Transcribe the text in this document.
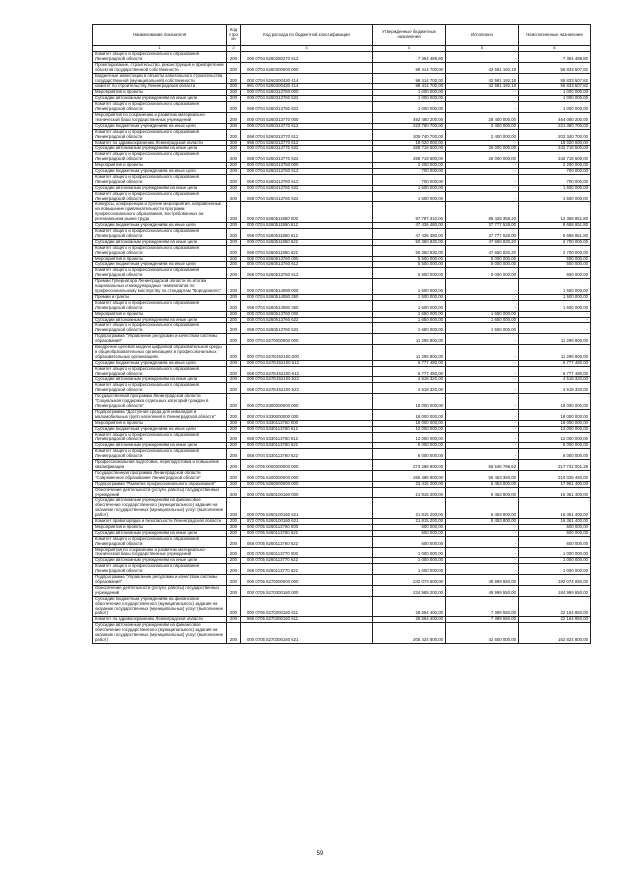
Наименование показателя	Код стро ки	Код расхода по бюджетной классификации	Утвержденные бюджетные назначения	Исполнено	Неисполненные назначения
1	2	3	4	5	6
Комитет общего и профессионального образования Ленинградской области	200	000 0704 5260280270 612	7 354 489,80	-	7 354 489,80
Проектирование, строительство, реконструкция и приобретение объектов государственной собственности	200	000 0704 5260300000 000	98 414 700,00	42 581 192,18	55 833 507,82
Бюджетные инвестиции в объекты капитального строительства государственной (муниципальной) собственности	200	000 0704 5260300430 414	98 414 700,00	42 581 192,18	55 833 507,82
комитет по строительству Ленинградской области	200	981 0704 5260300430 414	98 414 700,00	42 581 192,18	55 833 507,82
Мероприятия и проекты	200	000 0704 5260313760 000	1 000 000,00	-	1 000 000,00
Субсидии автономным учреждениям на иные цели	200	000 0704 5260313760 622	1 000 000,00	-	1 000 000,00
Комитет общего и профессионального образования Ленинградской области	200	068 0704 5260313760 622	1 000 000,00	-	1 000 000,00
Мероприятия по сохранению и развитию материально-технической базы государственных учреждений	200	000 0704 5260313770 000	492 480 200,00	28 400 000,00	464 080 200,00
Субсидии бюджетным учреждениям на иные цели	200	000 0704 5260313770 612	223 760 700,00	2 400 000,00	221 360 700,00
Комитет общего и профессионального образования Ленинградской области	200	068 0704 5260313770 612	205 740 700,00	2 400 000,00	203 340 700,00
Комитет по здравоохранению Ленинградской области	200	986 0704 5260313770 612	18 020 000,00	-	18 020 000,00
Субсидии автономным учреждениям на иные цели	200	000 0704 5260313770 622	268 719 500,00	26 000 000,00	242 719 500,00
Комитет общего и профессионального образования Ленинградской области	200	068 0704 5260313770 622	268 719 500,00	26 000 000,00	242 719 500,00
Мероприятия и проекты	200	000 0704 5260413760 000	2 200 000,00	-	2 200 000,00
Субсидии бюджетным учреждениям на иные цели	200	000 0704 5260413760 612	700 000,00	-	700 000,00
Комитет общего и профессионального образования Ленинградской области	200	068 0704 5260413760 612	700 000,00	-	700 000,00
Субсидии автономным учреждениям на иные цели	200	000 0704 5260413760 622	1 500 000,00	-	1 500 000,00
Комитет общего и профессионального образования Ленинградской области	200	068 0704 5260413760 622	1 500 000,00	-	1 500 000,00
Конкурсы, конференции и прочие мероприятия, направленные на повышение привлекательности программ профессионального образования, востребованных на региональном рынке труда	200	000 0704 5260511950 000	97 787 310,00	85 428 359,20	12 358 951,80
Субсидии бюджетным учреждениям на иные цели	200	000 0704 5260511950 612	47 436 480,00	37 777 528,00	9 658 951,80
Комитет общего и профессионального образования Ленинградской области	200	068 0704 5260511950 612	47 436 480,00	37 777 528,00	9 658 951,80
Субсидии автономным учреждениям на иные цели	200	000 0704 5260511950 622	50 350 830,00	47 650 830,20	2 700 000,00
Комитет общего и профессионального образования Ленинградской области	200	068 0704 5260511950 622	50 350 830,00	47 650 830,20	2 700 000,00
Мероприятия и проекты	200	000 0704 5260513760 000	5 500 000,00	5 000 000,00	500 000,00
Субсидии бюджетным учреждениям на иные цели	200	000 0704 5260513760 612	5 500 000,00	5 000 000,00	500 000,00
Комитет общего и профессионального образования Ленинградской области	200	068 0704 5260513760 612	5 500 000,00	5 000 000,00	500 000,00
Премии Губернатора Ленинградской области по итогам национальных и международных чемпионатов по профессиональному мастерству по стандартам "Ворлдскиллс"	200	000 0704 5260514080 000	1 500 000,00	-	1 500 000,00
Премии и гранты	200	000 0704 5260514080 350	1 500 000,00	-	1 500 000,00
Комитет общего и профессионального образования Ленинградской области	200	068 0704 5260514080 350	1 500 000,00	-	1 500 000,00
Мероприятия и проекты	200	000 0704 5260613760 000	1 650 000,00	1 650 000,00	-
Субсидии автономным учреждениям на иные цели	200	000 0704 5260613760 622	1 650 000,00	1 650 000,00	-
Комитет общего и профессионального образования Ленинградской области	200	068 0704 5260613760 622	1 650 000,00	1 650 000,00	-
Подпрограмма "Управление ресурсами и качеством системы образования"	200	000 0704 5270000000 000	11 295 800,00	-	11 295 800,00
Внедрение целевой модели цифровой образовательной среды в общеобразовательных организациях и профессиональных образовательных организациях	200	000 0704 527E452100 000	11 295 800,00	-	11 295 800,00
Субсидии бюджетным учреждениям на иные цели	200	000 0704 527E452100 612	6 777 480,00	-	6 777 480,00
Комитет общего и профессионального образования Ленинградской области	200	068 0704 527E452100 612	6 777 480,00	-	6 777 480,00
Субсидии автономным учреждениям на иные цели	200	000 0704 527E452100 622	4 518 320,00	-	4 518 320,00
Комитет общего и профессионального образования Ленинградской области	200	068 0704 527E452100 622	4 518 320,00	-	4 518 320,00
Государственная программа Ленинградской области "Социальная поддержка отдельных категорий граждан в Ленинградской области"	200	000 0704 5300000000 000	18 000 000,00	-	18 000 000,00
Подпрограмма "Доступная среда для инвалидов и маломобильных групп населения в Ленинградской области"	200	000 0704 5330000000 000	18 000 000,00	-	18 000 000,00
Мероприятия и проекты	200	000 0704 5330113760 000	18 000 000,00	-	18 000 000,00
Субсидии бюджетным учреждениям на иные цели	200	000 0704 5330113760 612	12 000 000,00	-	12 000 000,00
Комитет общего и профессионального образования Ленинградской области	200	068 0704 5330113760 612	12 000 000,00	-	12 000 000,00
Субсидии автономным учреждениям на иные цели	200	000 0704 5330113760 622	6 000 000,00	-	6 000 000,00
Комитет общего и профессионального образования Ленинградской области	200	068 0704 5330113760 622	6 000 000,00	-	6 000 000,00
Профессиональная подготовка, переподготовка и повышение квалификации	200	000 0705 0000000000 000	273 288 800,00	55 546 798,62	217 742 001,38
Государственная программа Ленинградской области "Современное образование Ленинградской области"	200	000 0705 5200000000 000	265 488 800,00	55 453 350,00	210 035 450,00
Подпрограмма "Развитие профессионального образования"	200	000 0705 5260000000 000	23 415 200,00	5 453 800,00	17 961 400,00
Обеспечение деятельности (услуги, работы) государственных учреждений	200	000 0705 5260100160 000	21 815 200,00	5 453 800,00	16 361 400,00
Субсидии автономным учреждениям на финансовое обеспечение государственного (муниципального) задания на оказание государственных (муниципальных) услуг (выполнение работ)	200	000 0705 5260100160 621	21 815 200,00	5 453 800,00	16 361 400,00
Комитет правопорядка и безопасности Ленинградской области	200	972 0705 5260100160 621	21 815 200,00	5 453 800,00	16 361 400,00
Мероприятия и проекты	200	000 0705 5260113760 000	600 000,00	-	600 000,00
Субсидии автономным учреждениям на иные цели	200	000 0705 5260113760 622	600 000,00	-	600 000,00
Комитет общего и профессионального образования Ленинградской области	200	068 0705 5260113760 622	600 000,00	-	600 000,00
Мероприятия по сохранению и развитию материально-технической базы государственных учреждений	200	000 0705 5260113770 000	1 000 000,00	-	1 000 000,00
Субсидии автономным учреждениям на иные цели	200	000 0705 5260113770 622	1 000 000,00	-	1 000 000,00
Комитет общего и профессионального образования Ленинградской области	200	068 0705 5260113770 622	1 000 000,00	-	1 000 000,00
Подпрограмма "Управление ресурсами и качеством системы образования"	200	000 0705 5270000000 000	242 073 600,00	49 999 550,00	192 074 050,00
Обеспечение деятельности (услуги, работы) государственных учреждений	200	000 0705 5270300160 000	234 989 200,00	49 999 550,00	184 989 650,00
Субсидии бюджетным учреждениям на финансовое обеспечение государственного (муниципального) задания на оказание государственных (муниципальных) услуг (выполнение работ)	200	000 0705 5270300160 611	29 564 400,00	7 399 550,00	22 164 850,00
Комитет по здравоохранению Ленинградской области	200	986 0705 5270300160 611	29 564 400,00	7 399 550,00	22 164 850,00
Субсидии автономным учреждениям на финансовое обеспечение государственного (муниципального) задания на оказание государственных (муниципальных) услуг (выполнение работ)	200	000 0705 5270300160 621	205 424 800,00	42 600 000,00	162 824 800,00
59
